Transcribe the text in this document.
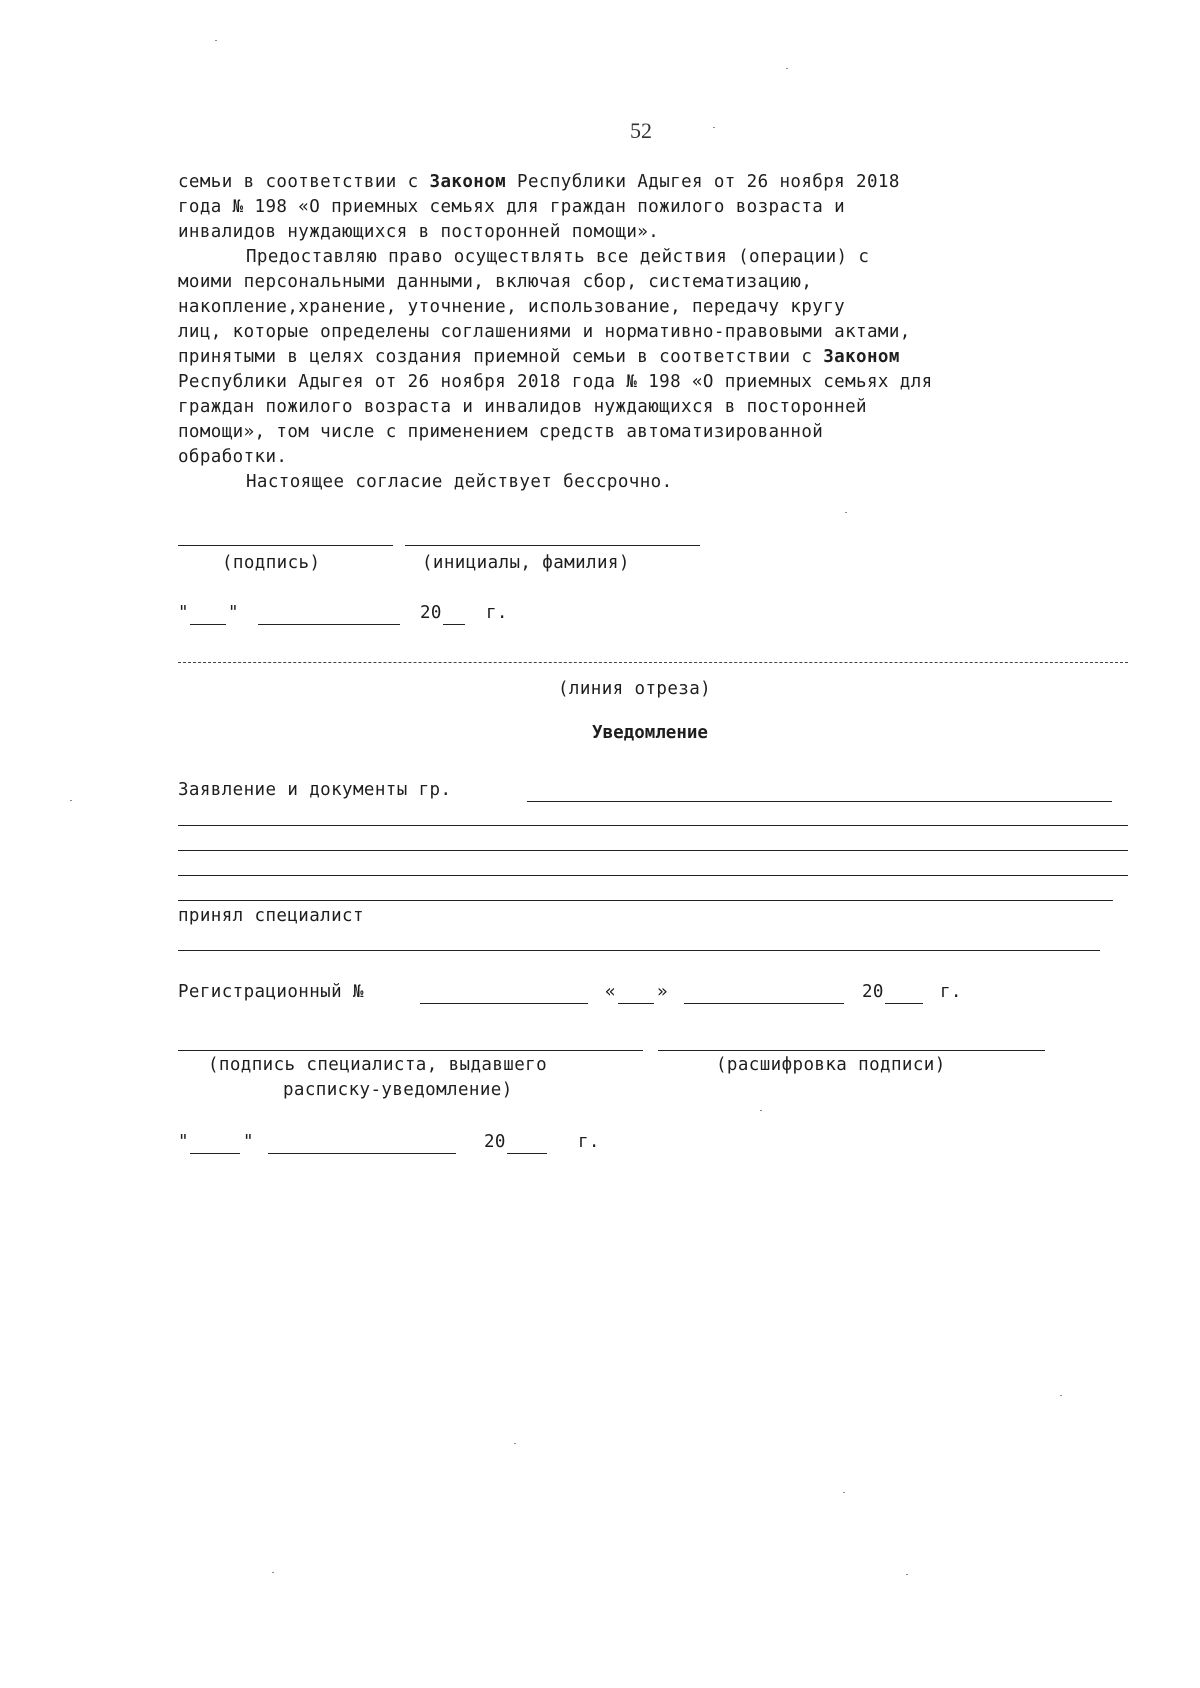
52
семьи в соответствии с Законом Республики Адыгея от 26 ноября 2018
года № 198 «О приемных семьях для граждан пожилого возраста и
инвалидов нуждающихся в посторонней помощи».
Предоставляю право осуществлять все действия (операции) с
моими персональными данными, включая сбор, систематизацию,
накопление,хранение, уточнение, использование, передачу кругу
лиц, которые определены соглашениями и нормативно-правовыми актами,
принятыми в целях создания приемной семьи в соответствии с Законом
Республики Адыгея от 26 ноября 2018 года № 198 «О приемных семьях для
граждан пожилого возраста и инвалидов нуждающихся в посторонней
помощи», том числе с применением средств автоматизированной
обработки.
Настоящее согласие действует бессрочно.
(подпись)	(инициалы, фамилия)
" "	20	г.
(линия отреза)
Уведомление
Заявление и документы гр.
принял специалист
Регистрационный №	« »	20	г.
(подпись специалиста, выдавшего
расписку-уведомление)
(расшифровка подписи)
"	"	20	г.
